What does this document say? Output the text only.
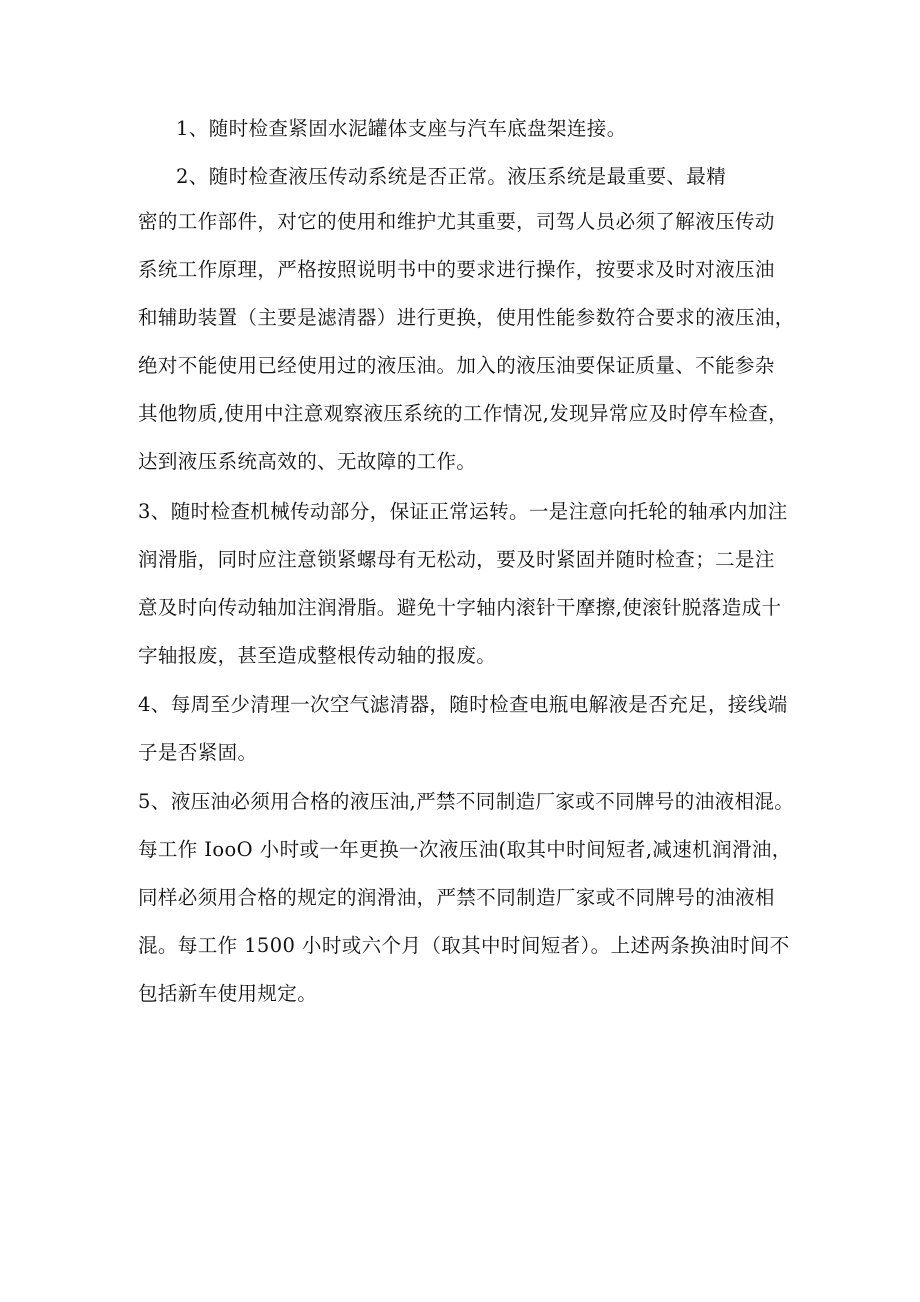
1、随时检查紧固水泥罐体支座与汽车底盘架连接。
2、随时检查液压传动系统是否正常。液压系统是最重要、最精
密的工作部件，对它的使用和维护尤其重要，司驾人员必须了解液压传动
系统工作原理，严格按照说明书中的要求进行操作，按要求及时对液压油
和辅助装置（主要是滤清器）进行更换，使用性能参数符合要求的液压油，
绝对不能使用已经使用过的液压油。加入的液压油要保证质量、不能参杂
其他物质,使用中注意观察液压系统的工作情况,发现异常应及时停车检查，
达到液压系统高效的、无故障的工作。
3、随时检查机械传动部分，保证正常运转。一是注意向托轮的轴承内加注
润滑脂，同时应注意锁紧螺母有无松动，要及时紧固并随时检查；二是注
意及时向传动轴加注润滑脂。避免十字轴内滚针干摩擦,使滚针脱落造成十
字轴报废，甚至造成整根传动轴的报废。
4、每周至少清理一次空气滤清器，随时检查电瓶电解液是否充足，接线端
子是否紧固。
5、液压油必须用合格的液压油,严禁不同制造厂家或不同牌号的油液相混。
每工作 IooO 小时或一年更换一次液压油(取其中时间短者,减速机润滑油，
同样必须用合格的规定的润滑油，严禁不同制造厂家或不同牌号的油液相
混。每工作 1500 小时或六个月（取其中时间短者）。上述两条换油时间不
包括新车使用规定。
